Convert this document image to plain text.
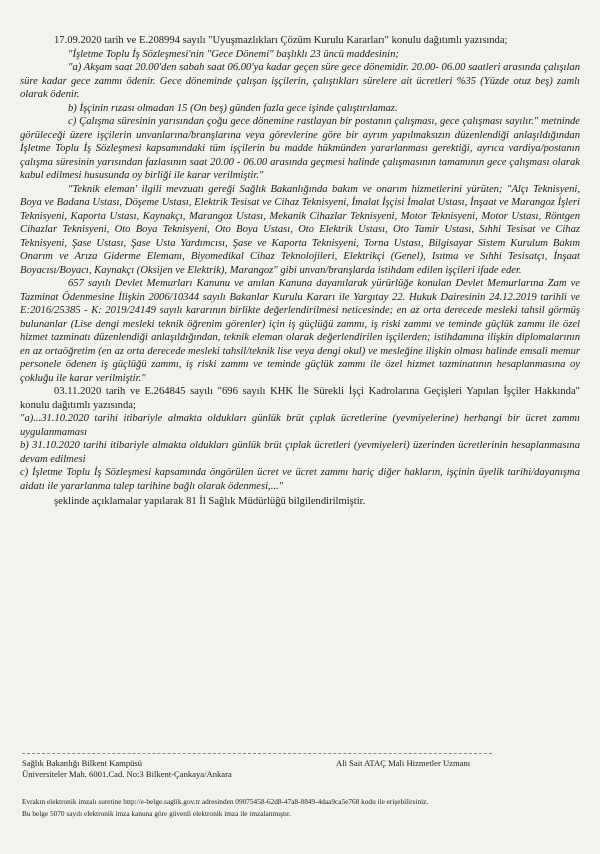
17.09.2020 tarih ve E.208994 sayılı "Uyuşmazlıkları Çözüm Kurulu Kararları" konulu dağıtımlı yazısında;

"İşletme Toplu İş Sözleşmesi'nin "Gece Dönemi" başlıklı 23 üncü maddesinin;

"a) Akşam saat 20.00'den sabah saat 06.00'ya kadar geçen süre gece dönemidir. 20.00- 06.00 saatleri arasında çalışılan süre kadar gece zammı ödenir. Gece döneminde çalışan işçilerin, çalıştıkları sürelere ait ücretleri %35 (Yüzde otuz beş) zamlı olarak ödenir.

b) İşçinin rızası olmadan 15 (On beş) günden fazla gece işinde çalıştırılamaz.

c) Çalışma süresinin yarısından çoğu gece dönemine rastlayan bir postanın çalışması, gece çalışması sayılır." metninde görüleceği üzere işçilerin unvanlarına/branşlarına veya görevlerine göre bir ayrım yapılmaksızın düzenlendiği anlaşıldığından İşletme Toplu İş Sözleşmesi kapsamındaki tüm işçilerin bu madde hükmünden yararlanması gerektiği, ayrıca vardiya/postanın çalışma süresinin yarısından fazlasının saat 20.00 - 06.00 arasında geçmesi halinde çalışmasının tamamının gece çalışması olarak kabul edilmesi hususunda oy birliği ile karar verilmiştir."

"Teknik eleman' ilgili mevzuatı gereği Sağlık Bakanlığında bakım ve onarım hizmetlerini yürüten; "Alçı Teknisyeni, Boya ve Badana Ustası, Döşeme Ustası, Elektrik Tesisat ve Cihaz Teknisyeni, İmalat İşçisi İmalat Ustası, İnşaat ve Marangoz İşleri Teknisyeni, Kaporta Ustası, Kaynakçı, Marangoz Ustası, Mekanik Cihazlar Teknisyeni, Motor Teknisyeni, Motor Ustası, Röntgen Cihazlar Teknisyeni, Oto Boya Teknisyeni, Oto Boya Ustası, Oto Elektrik Ustası, Oto Tamir Ustası, Sıhhi Tesisat ve Cihaz Teknisyeni, Şase Ustası, Şase Usta Yardımcısı, Şase ve Kaporta Teknisyeni, Torna Ustası, Bilgisayar Sistem Kurulum Bakım Onarım ve Arıza Giderme Elemanı, Biyomedikal Cihaz Teknolojileri, Elektrikçi (Genel), Isıtma ve Sıhhi Tesisatçı, İnşaat Boyacısı/Boyacı, Kaynakçı (Oksijen ve Elektrik), Marangoz" gibi unvan/branşlarda istihdam edilen işçileri ifade eder.

657 sayılı Devlet Memurları Kanunu ve anılan Kanuna dayanılarak yürürlüğe konulan Devlet Memurlarına Zam ve Tazminat Ödenmesine İlişkin 2006/10344 sayılı Bakanlar Kurulu Kararı ile Yargıtay 22. Hukuk Dairesinin 24.12.2019 tarihli ve E:2016/25385 - K: 2019/24149 sayılı kararının birlikte değerlendirilmesi neticesinde; en az orta derecede mesleki tahsil görmüş bulunanlar (Lise dengi mesleki teknik öğrenim görenler) için iş güçlüğü zammı, iş riski zammı ve teminde güçlük zammı ile özel hizmet tazminatı düzenlendiği anlaşıldığından, teknik eleman olarak değerlendirilen işçilerden; istihdamına ilişkin diplomalarının en az ortaöğretim (en az orta derecede mesleki tahsil/teknik lise veya dengi okul) ve mesleğine ilişkin olması halinde emsali memur personele ödenen iş güçlüğü zammı, iş riski zammı ve teminde güçlük zammı ile özel hizmet tazminatının hesaplanmasına oy çokluğu ile karar verilmiştir."

03.11.2020 tarih ve E.264845 sayılı "696 sayılı KHK İle Sürekli İşçi Kadrolarına Geçişleri Yapılan İşçiler Hakkında" konulu dağıtımlı yazısında;

"a)...31.10.2020 tarihi itibariyle almakta oldukları günlük brüt çıplak ücretlerine (yevmiyelerine) herhangi bir ücret zammı uygulanmaması

b) 31.10.2020 tarihi itibariyle almakta oldukları günlük brüt çıplak ücretleri (yevmiyeleri) üzerinden ücretlerinin hesaplanmasına devam edilmesi

c) İşletme Toplu İş Sözleşmesi kapsamında öngörülen ücret ve ücret zammı hariç diğer hakların, işçinin üyelik tarihi/dayanışma aidatı ile yararlanma talep tarihine bağlı olarak ödenmesi,..."

şeklinde açıklamalar yapılarak 81 İl Sağlık Müdürlüğü bilgilendirilmiştir.

Sağlık Bakanlığı Bilkent Kampüsü
Üniversiteler Mah. 6001.Cad. No:3 Bilkent-Çankaya/Ankara
Ali Sait ATAÇ Mali Hizmetler Uzmanı
Evrakın elektronik imzalı suretine http://e-belge.saglik.gov.tr adresinden 09075458-62d8-47a8-8849-4daa9ca5e768 kodu ile erişebilirsiniz.
Bu belge 5070 sayılı elektronik imza kanuna göre güvenli elektronik imza ile imzalanmıştır.
